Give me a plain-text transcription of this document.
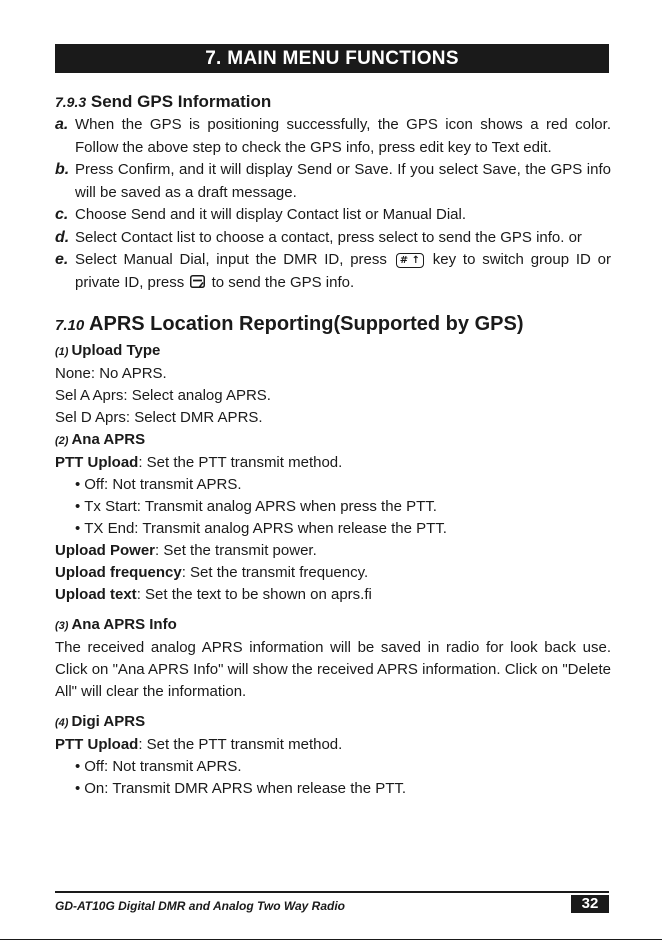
7. MAIN MENU FUNCTIONS

7.9.3 Send GPS Information

a. When the GPS is positioning successfully, the GPS icon shows a red color. Follow the above step to check the GPS info, press edit key to Text edit.

b. Press Confirm, and it will display Send or Save. If you select Save, the GPS info will be saved as a draft message.

c. Choose Send and it will display Contact list or Manual Dial.

d. Select Contact list to choose a contact, press select to send the GPS info. or

e. Select Manual Dial, input the DMR ID, press # ↑ key to switch group ID or private ID, press to send the GPS info.

7.10 APRS Location Reporting(Supported by GPS)

(1) Upload Type

None: No APRS.

Sel A Aprs: Select analog APRS.

Sel D Aprs: Select DMR APRS.

(2) Ana APRS

PTT Upload: Set the PTT transmit method.

• Off: Not transmit APRS.

• Tx Start: Transmit analog APRS when press the PTT.

• TX End: Transmit analog APRS when release the PTT.

Upload Power: Set the transmit power.

Upload frequency: Set the transmit frequency.

Upload text: Set the text to be shown on aprs.fi

(3) Ana APRS Info

The received analog APRS information will be saved in radio for look back use. Click on "Ana APRS Info" will show the received APRS information. Click on "Delete All" will clear the information.

(4) Digi APRS

PTT Upload: Set the PTT transmit method.

• Off: Not transmit APRS.

• On: Transmit DMR APRS when release the PTT.

GD-AT10G Digital DMR and Analog Two Way Radio	32
